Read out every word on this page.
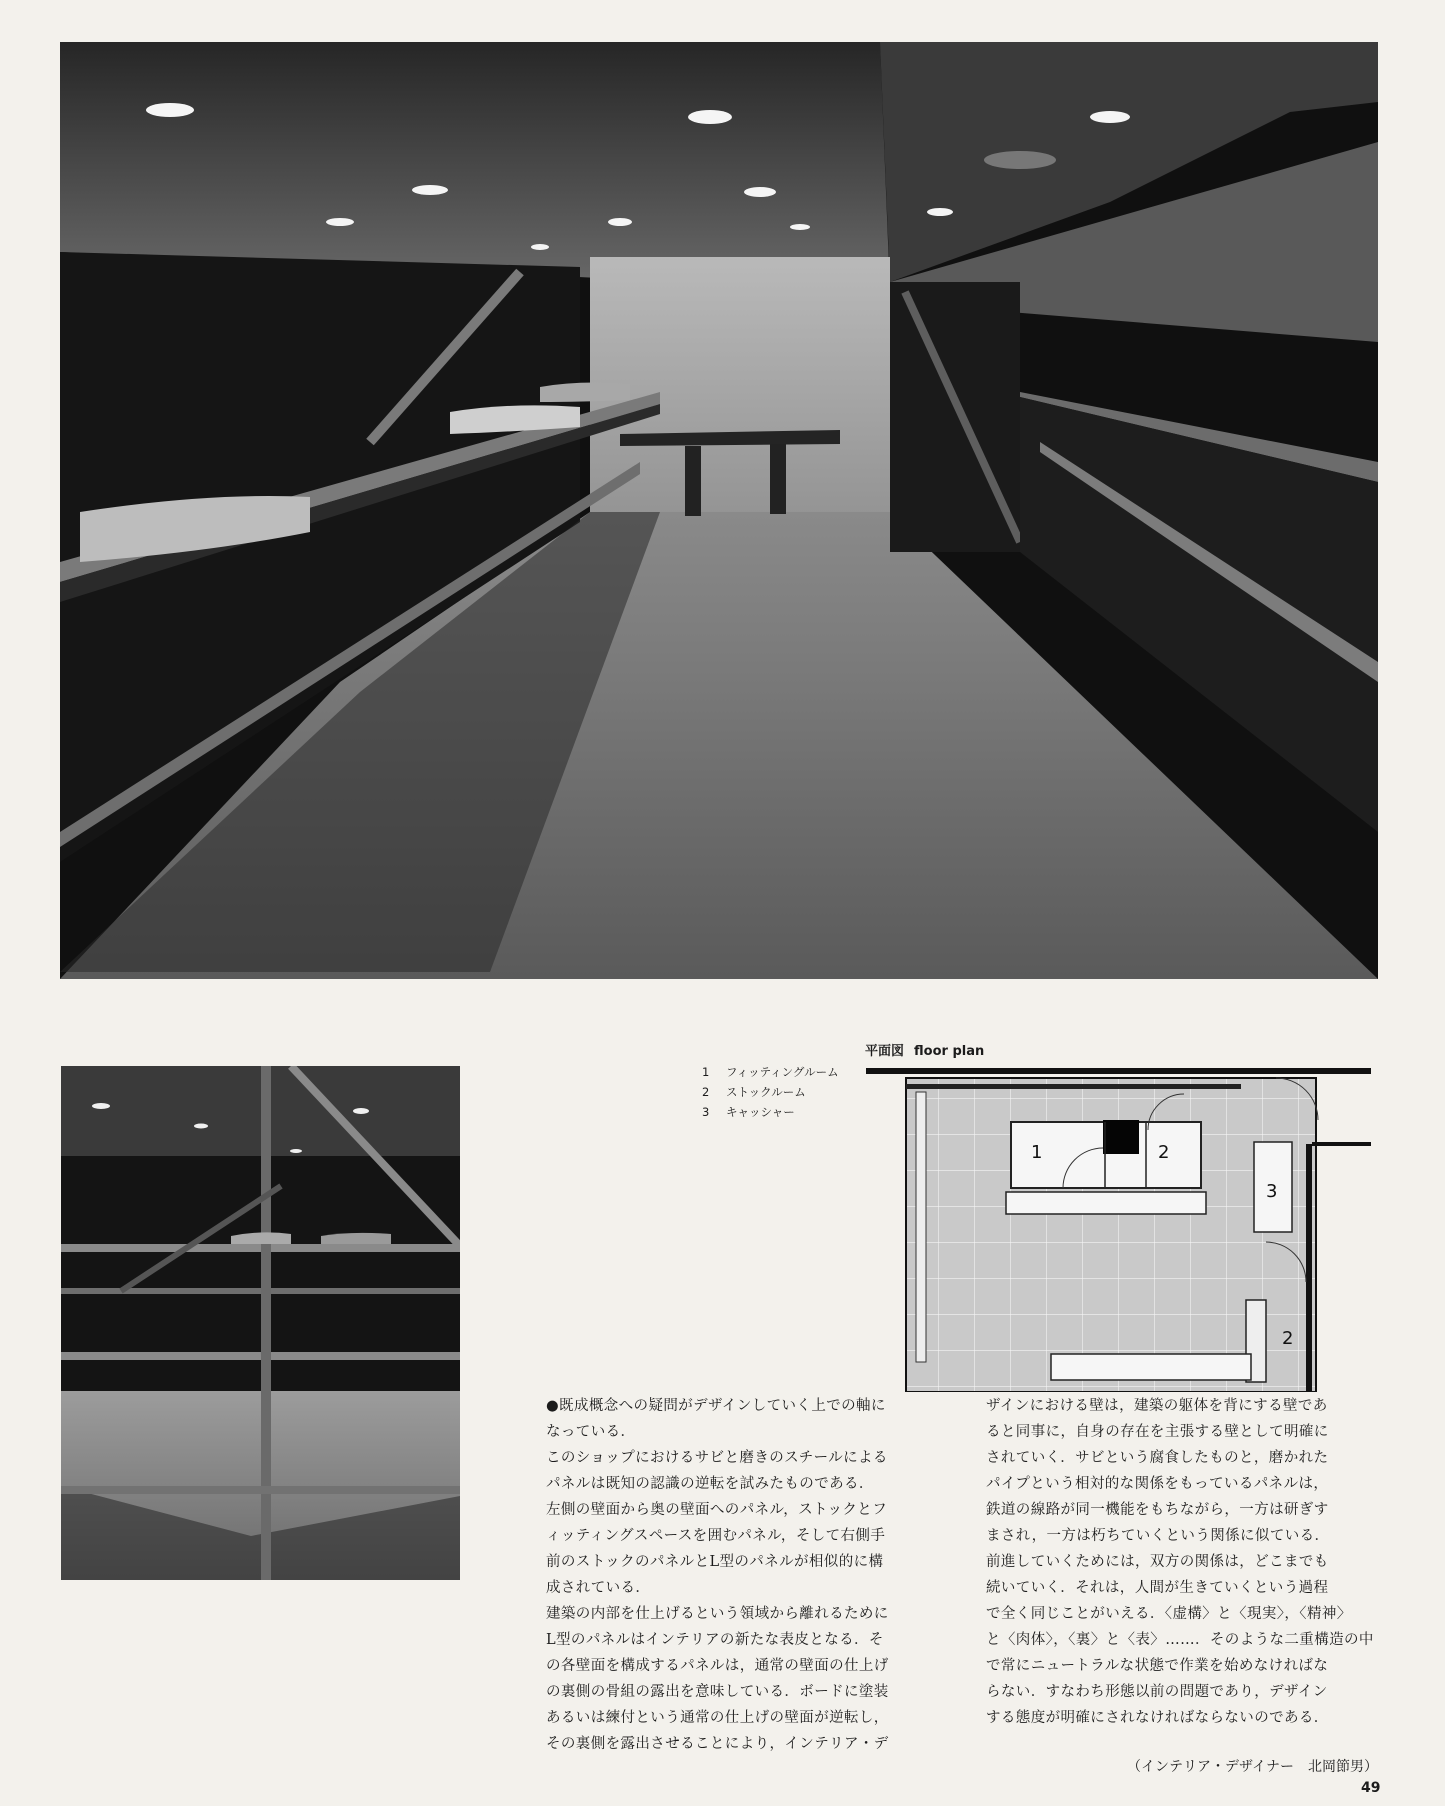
1	フィッティングルーム
2	ストックルーム
3	キャッシャー
平面図 floor plan
1	2
3
2

●既成概念への疑問がデザインしていく上での軸に

なっている．

このショップにおけるサビと磨きのスチールによる

パネルは既知の認識の逆転を試みたものである．

左側の壁面から奥の壁面へのパネル，ストックとフ

ィッティングスペースを囲むパネル，そして右側手

前のストックのパネルとL型のパネルが相似的に構

成されている．

建築の内部を仕上げるという領域から離れるために

L型のパネルはインテリアの新たな表皮となる．そ

の各壁面を構成するパネルは，通常の壁面の仕上げ

の裏側の骨組の露出を意味している．ボードに塗装

あるいは練付という通常の仕上げの壁面が逆転し，

その裏側を露出させることにより，インテリア・デ

ザインにおける壁は，建築の躯体を背にする壁であ

ると同事に，自身の存在を主張する壁として明確に

されていく．サビという腐食したものと，磨かれた

パイプという相対的な関係をもっているパネルは，

鉄道の線路が同一機能をもちながら，一方は研ぎす

まされ，一方は朽ちていくという関係に似ている．

前進していくためには，双方の関係は，どこまでも

続いていく．それは，人間が生きていくという過程

で全く同じことがいえる．〈虚構〉と〈現実〉，〈精神〉

と〈肉体〉，〈裏〉と〈表〉……．そのような二重構造の中

で常にニュートラルな状態で作業を始めなければな

らない．すなわち形態以前の問題であり，デザイン

する態度が明確にされなければならないのである．

（インテリア・デザイナー　北岡節男）
49
